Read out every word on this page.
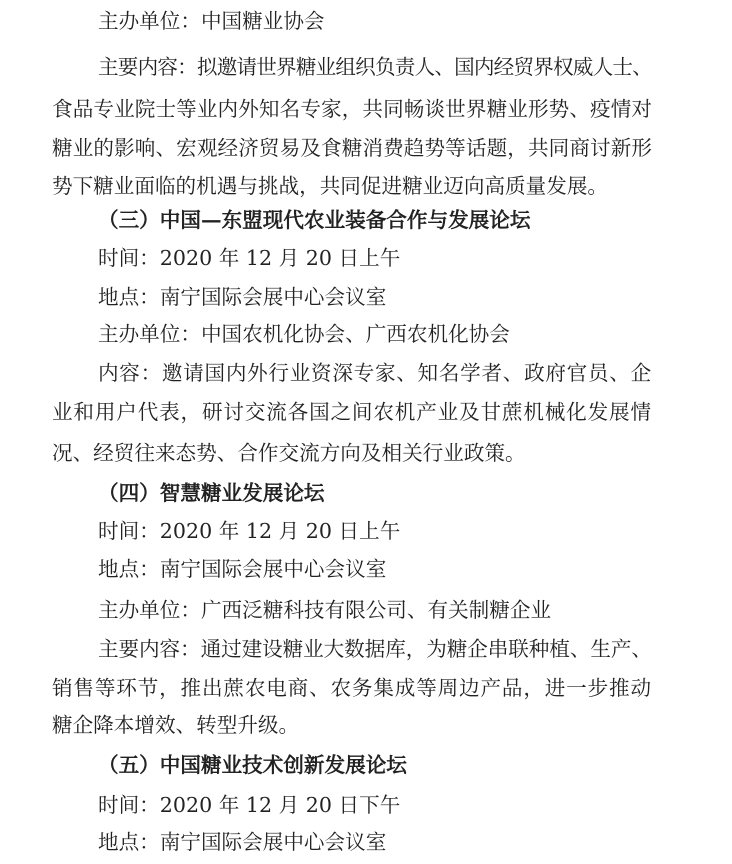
主办单位：中国糖业协会
主要内容：拟邀请世界糖业组织负责人、国内经贸界权威人士、
食品专业院士等业内外知名专家，共同畅谈世界糖业形势、疫情对
糖业的影响、宏观经济贸易及食糖消费趋势等话题，共同商讨新形
势下糖业面临的机遇与挑战，共同促进糖业迈向高质量发展。
（三）中国—东盟现代农业装备合作与发展论坛
时间：2020 年 12 月 20 日上午
地点：南宁国际会展中心会议室
主办单位：中国农机化协会、广西农机化协会
内容：邀请国内外行业资深专家、知名学者、政府官员、企
业和用户代表，研讨交流各国之间农机产业及甘蔗机械化发展情
况、经贸往来态势、合作交流方向及相关行业政策。
（四）智慧糖业发展论坛
时间：2020 年 12 月 20 日上午
地点：南宁国际会展中心会议室
主办单位：广西泛糖科技有限公司、有关制糖企业
主要内容：通过建设糖业大数据库，为糖企串联种植、生产、
销售等环节，推出蔗农电商、农务集成等周边产品，进一步推动
糖企降本增效、转型升级。
（五）中国糖业技术创新发展论坛
时间：2020 年 12 月 20 日下午
地点：南宁国际会展中心会议室
